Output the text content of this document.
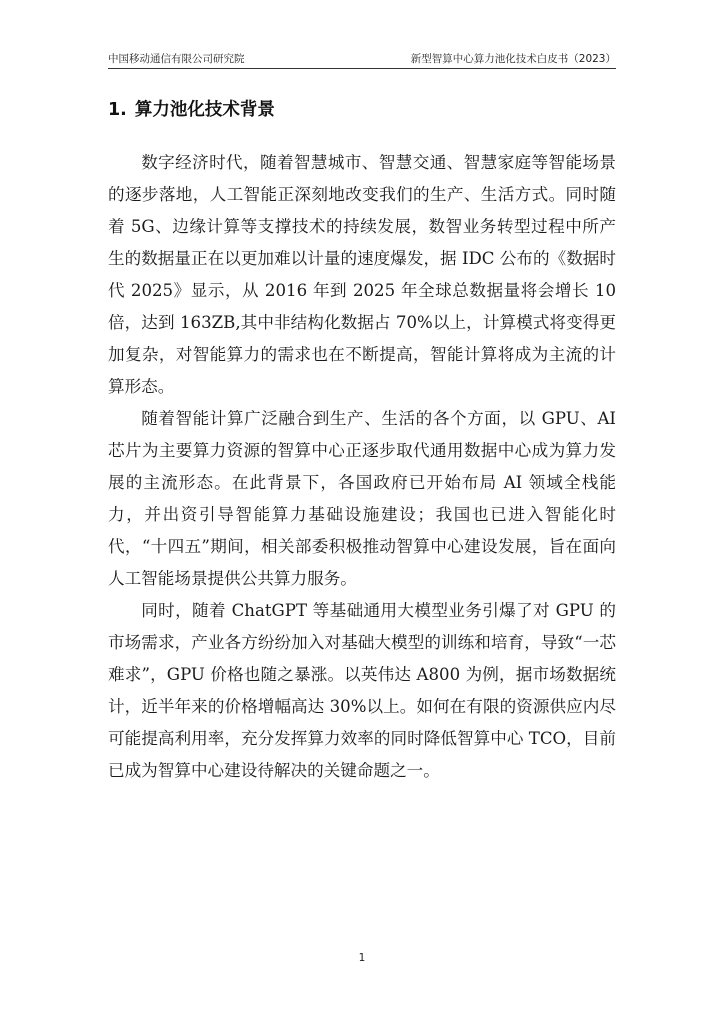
中国移动通信有限公司研究院	新型智算中心算力池化技术白皮书（2023）
1. 算力池化技术背景

数字经济时代，随着智慧城市、智慧交通、智慧家庭等智能场景的逐步落地，人工智能正深刻地改变我们的生产、生活方式。同时随着 5G、边缘计算等支撑技术的持续发展，数智业务转型过程中所产生的数据量正在以更加难以计量的速度爆发，据 IDC 公布的《数据时代 2025》显示，从 2016 年到 2025 年全球总数据量将会增长 10 倍，达到 163ZB,其中非结构化数据占 70%以上，计算模式将变得更加复杂，对智能算力的需求也在不断提高，智能计算将成为主流的计算形态。

随着智能计算广泛融合到生产、生活的各个方面，以 GPU、AI 芯片为主要算力资源的智算中心正逐步取代通用数据中心成为算力发展的主流形态。在此背景下，各国政府已开始布局 AI 领域全栈能力，并出资引导智能算力基础设施建设；我国也已进入智能化时代，“十四五”期间，相关部委积极推动智算中心建设发展，旨在面向人工智能场景提供公共算力服务。

同时，随着 ChatGPT 等基础通用大模型业务引爆了对 GPU 的市场需求，产业各方纷纷加入对基础大模型的训练和培育，导致“一芯难求”，GPU 价格也随之暴涨。以英伟达 A800 为例，据市场数据统计，近半年来的价格增幅高达 30%以上。如何在有限的资源供应内尽可能提高利用率，充分发挥算力效率的同时降低智算中心 TCO，目前已成为智算中心建设待解决的关键命题之一。

1
